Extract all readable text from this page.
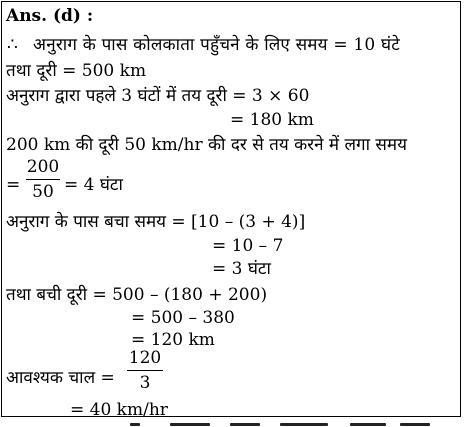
Ans. (d) :
∴ अनुराग के पास कोलकाता पहुँचने के लिए समय = 10 घंटे
तथा दूरी = 500 km
अनुराग द्वारा पहले 3 घंटों में तय दूरी = 3 × 60
= 180 km
200 km की दूरी 50 km/hr की दर से तय करने में लगा समय
=
200
50 = 4 घंटा
अनुराग के पास बचा समय = [10 – (3 + 4)]
= 10 – 7
= 3 घंटा
तथा बची दूरी = 500 – (180 + 200)
= 500 – 380
= 120 km
आवश्यक चाल =
120
3
= 40 km/hr
